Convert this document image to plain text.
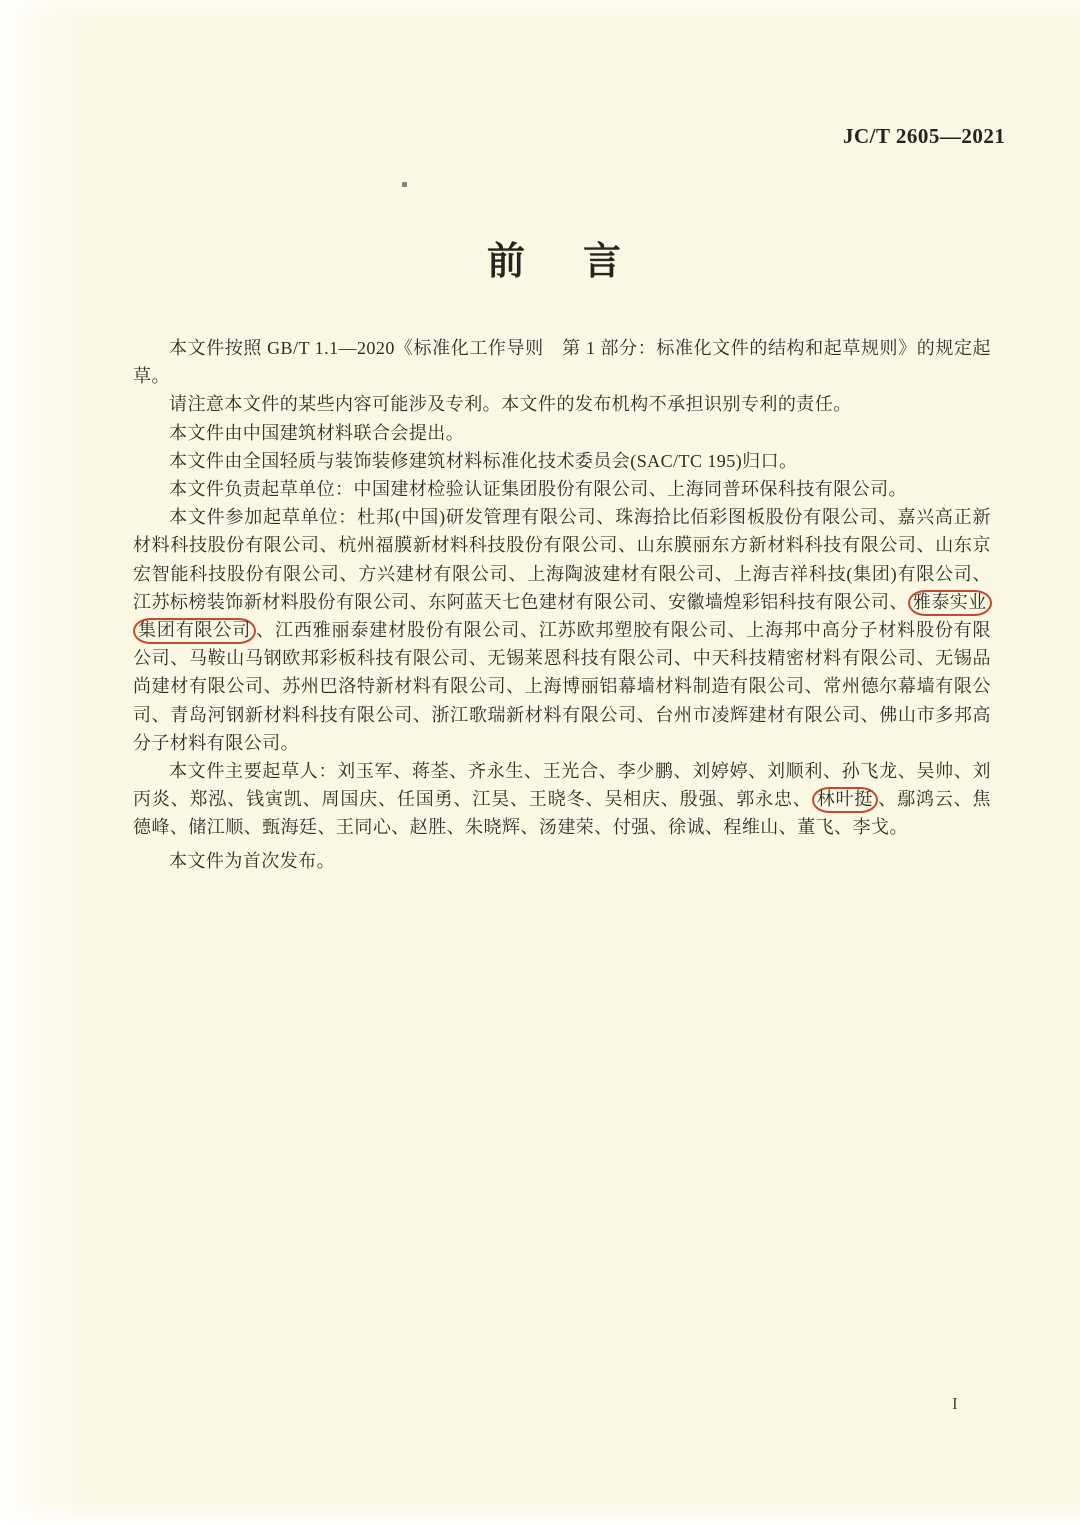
JC/T 2605—2021
前言

本文件按照 GB/T 1.1—2020《标准化工作导则　第 1 部分：标准化文件的结构和起草规则》的规定起草。

请注意本文件的某些内容可能涉及专利。本文件的发布机构不承担识别专利的责任。

本文件由中国建筑材料联合会提出。

本文件由全国轻质与装饰装修建筑材料标准化技术委员会(SAC/TC 195)归口。

本文件负责起草单位：中国建材检验认证集团股份有限公司、上海同普环保科技有限公司。

本文件参加起草单位：杜邦(中国)研发管理有限公司、珠海拾比佰彩图板股份有限公司、嘉兴高正新材料科技股份有限公司、杭州福膜新材料科技股份有限公司、山东膜丽东方新材料科技有限公司、山东京宏智能科技股份有限公司、方兴建材有限公司、上海陶波建材有限公司、上海吉祥科技(集团)有限公司、江苏标榜装饰新材料股份有限公司、东阿蓝天七色建材有限公司、安徽墙煌彩铝科技有限公司、 雅泰实业集团有限公司 、江西雅丽泰建材股份有限公司、江苏欧邦塑胶有限公司、上海邦中高分子材料股份有限公司、马鞍山马钢欧邦彩板科技有限公司、无锡莱恩科技有限公司、中天科技精密材料有限公司、无锡品尚建材有限公司、苏州巴洛特新材料有限公司、上海博丽铝幕墙材料制造有限公司、常州德尔幕墙有限公司、青岛河钢新材料科技有限公司、浙江歌瑞新材料有限公司、台州市凌辉建材有限公司、佛山市多邦高分子材料有限公司。

本文件主要起草人：刘玉军、蒋荃、齐永生、王光合、李少鹏、刘婷婷、刘顺利、孙飞龙、吴帅、刘丙炎、郑泓、钱寅凯、周国庆、任国勇、江昊、王晓冬、吴相庆、殷强、郭永忠、 林叶挺 、鄢鸿云、焦德峰、储江顺、甄海廷、王同心、赵胜、朱晓辉、汤建荣、付强、徐诚、程维山、董飞、李戈。

本文件为首次发布。

I
